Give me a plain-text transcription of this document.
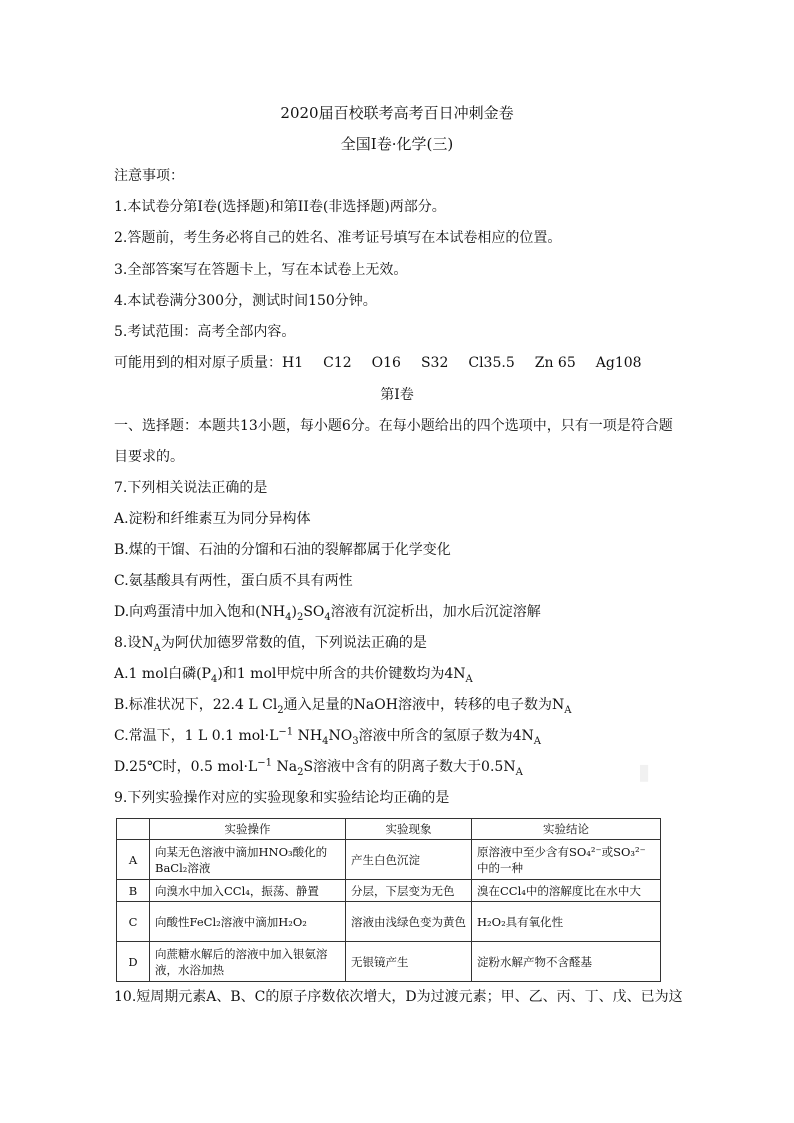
2020届百校联考高考百日冲刺金卷
全国I卷·化学(三)
注意事项：
1.本试卷分第I卷(选择题)和第II卷(非选择题)两部分。
2.答题前，考生务必将自己的姓名、准考证号填写在本试卷相应的位置。
3.全部答案写在答题卡上，写在本试卷上无效。
4.本试卷满分300分，测试时间150分钟。
5.考试范围：高考全部内容。
可能用到的相对原子质量：H1 C12 O16 S32 Cl35.5 Zn 65 Ag108
第I卷
一、选择题：本题共13小题，每小题6分。在每小题给出的四个选项中，只有一项是符合题
目要求的。
7.下列相关说法正确的是
A.淀粉和纤维素互为同分异构体
B.煤的干馏、石油的分馏和石油的裂解都属于化学变化
C.氨基酸具有两性，蛋白质不具有两性
D.向鸡蛋清中加入饱和$(NH_4)_2SO_4$溶液有沉淀析出，加水后沉淀溶解
8.设$N_A$为阿伏加德罗常数的值，下列说法正确的是
A.1 mol白磷$(P_4)$和1 mol甲烷中所含的共价键数均为$4N_A$
B.标准状况下，22.4 L $Cl_2$通入足量的NaOH溶液中，转移的电子数为$N_A$
C.常温下，1 L 0.1 $mol\cdot L^{-1}$ $NH_4NO_3$溶液中所含的氢原子数为$4N_A$
D.25℃时，0.5 $mol\cdot L^{-1}$ $Na_2S$溶液中含有的阴离子数大于$0.5N_A$
9.下列实验操作对应的实验现象和实验结论均正确的是
	实验操作	实验现象	实验结论
A	向某无色溶液中滴加HNO₃酸化的BaCl₂溶液	产生白色沉淀	原溶液中至少含有SO₄²⁻或SO₃²⁻中的一种
B	向溴水中加入CCl₄，振荡、静置	分层，下层变为无色	溴在CCl₄中的溶解度比在水中大
C	向酸性FeCl₂溶液中滴加H₂O₂	溶液由浅绿色变为黄色	H₂O₂具有氧化性
D	向蔗糖水解后的溶液中加入银氨溶液，水浴加热	无银镜产生	淀粉水解产物不含醛基
10.短周期元素A、B、C的原子序数依次增大，D为过渡元素；甲、乙、丙、丁、戊、已为这
▮
